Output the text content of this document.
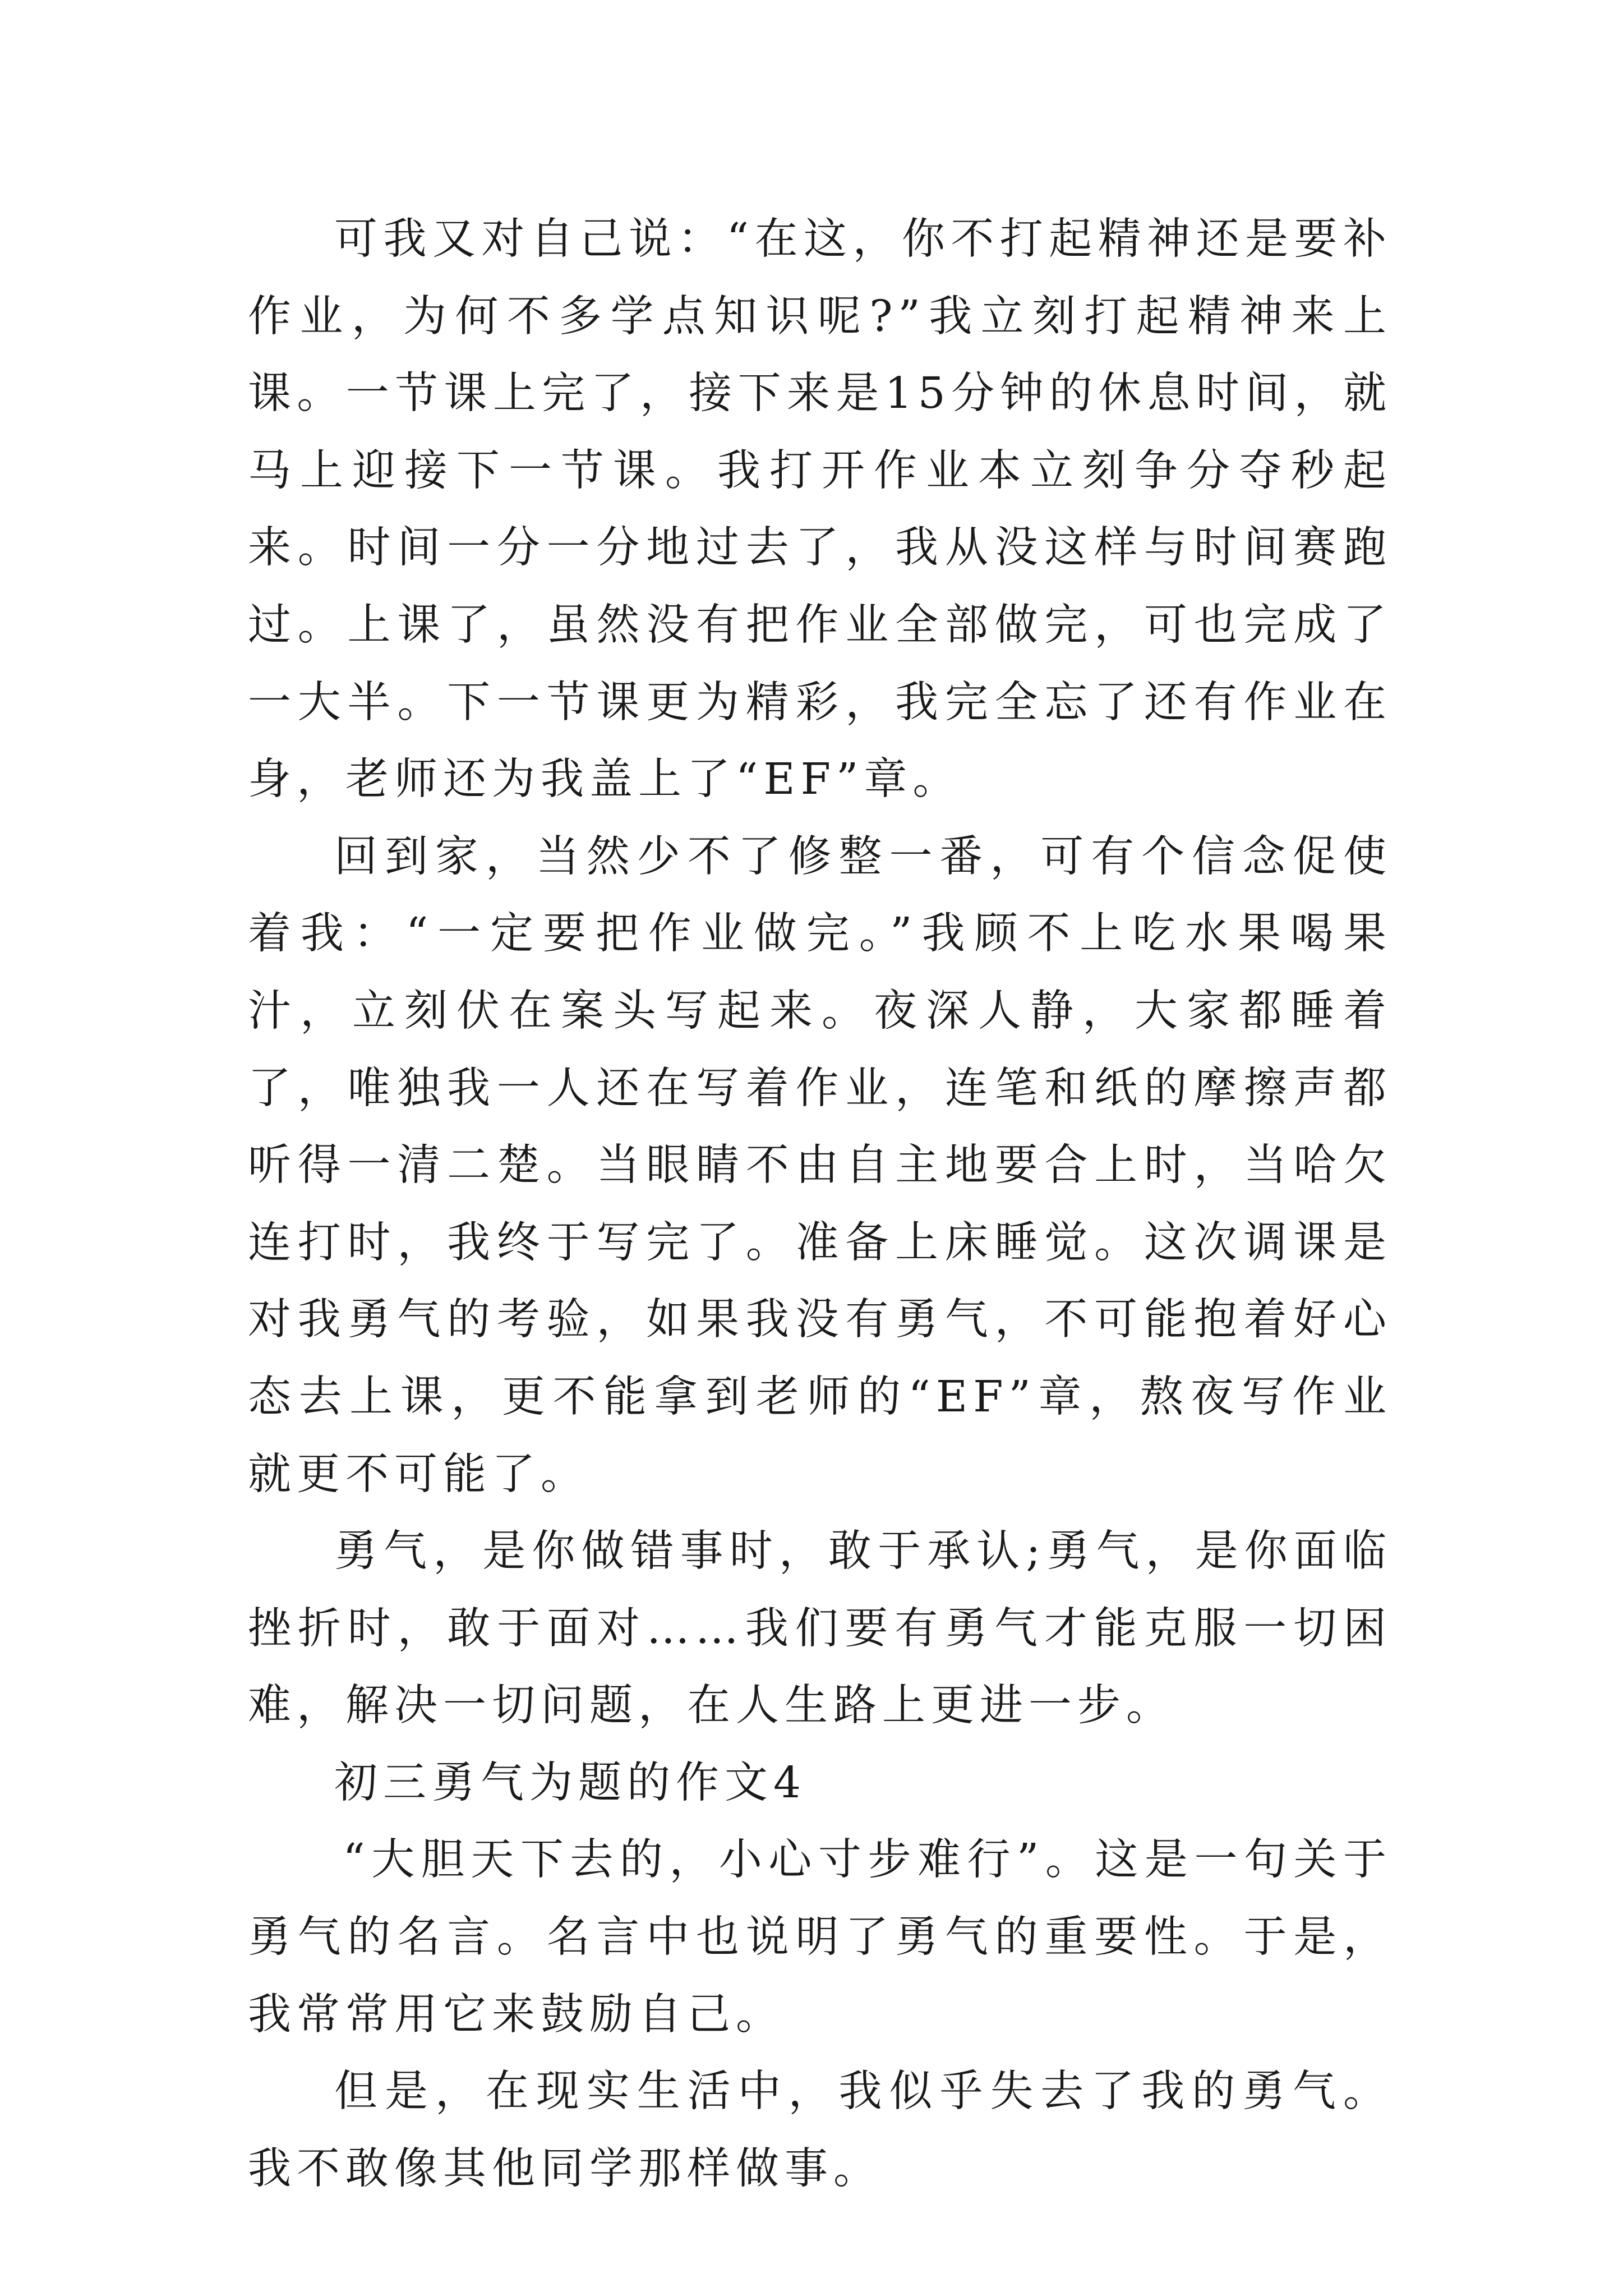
可我又对自己说：“在这，你不打起精神还是要补作业，为何不多学点知识呢?”我立刻打起精神来上课。一节课上完了，接下来是15分钟的休息时间，就马上迎接下一节课。我打开作业本立刻争分夺秒起来。时间一分一分地过去了，我从没这样与时间赛跑过。上课了，虽然没有把作业全部做完，可也完成了一大半。下一节课更为精彩，我完全忘了还有作业在身，老师还为我盖上了“EF”章。

回到家，当然少不了修整一番，可有个信念促使着我：“一定要把作业做完。”我顾不上吃水果喝果汁，立刻伏在案头写起来。夜深人静，大家都睡着了，唯独我一人还在写着作业，连笔和纸的摩擦声都听得一清二楚。当眼睛不由自主地要合上时，当哈欠连打时，我终于写完了。准备上床睡觉。这次调课是对我勇气的考验，如果我没有勇气，不可能抱着好心态去上课，更不能拿到老师的“EF”章，熬夜写作业就更不可能了。

勇气，是你做错事时，敢于承认;勇气，是你面临挫折时，敢于面对……我们要有勇气才能克服一切困难，解决一切问题，在人生路上更进一步。

初三勇气为题的作文4

“大胆天下去的，小心寸步难行”。这是一句关于勇气的名言。名言中也说明了勇气的重要性。于是，我常常用它来鼓励自己。

但是，在现实生活中，我似乎失去了我的勇气。我不敢像其他同学那样做事。
